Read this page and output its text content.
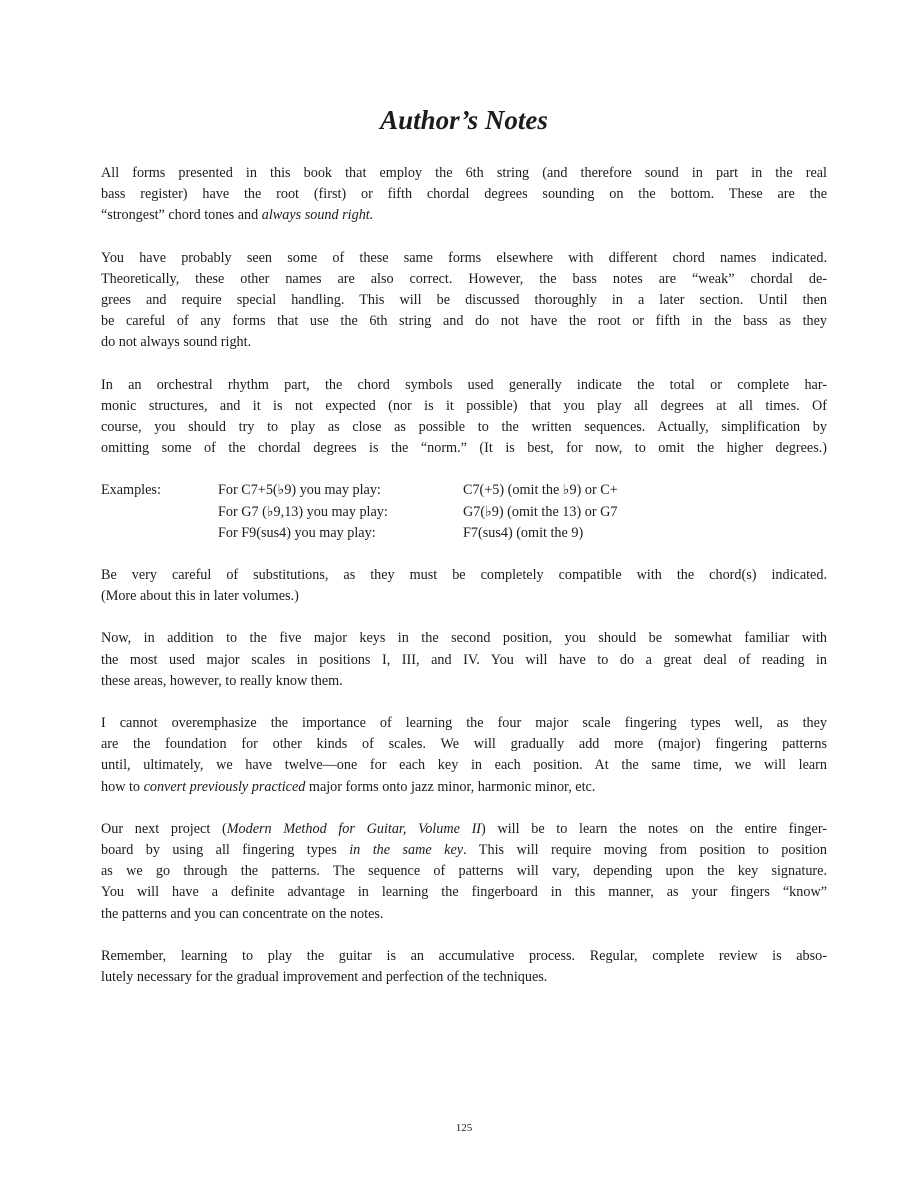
Author’s Notes

All forms presented in this book that employ the 6th string (and therefore sound in part in the real
bass register) have the root (first) or fifth chordal degrees sounding on the bottom. These are the
“strongest” chord tones and always sound right.

You have probably seen some of these same forms elsewhere with different chord names indicated.
Theoretically, these other names are also correct. However, the bass notes are “weak” chordal de-
grees and require special handling. This will be discussed thoroughly in a later section. Until then
be careful of any forms that use the 6th string and do not have the root or fifth in the bass as they
do not always sound right.

In an orchestral rhythm part, the chord symbols used generally indicate the total or complete har-
monic structures, and it is not expected (nor is it possible) that you play all degrees at all times. Of
course, you should try to play as close as possible to the written sequences. Actually, simplification by
omitting some of the chordal degrees is the “norm.” (It is best, for now, to omit the higher degrees.)

Examples:	For C7+5(♭9) you may play:	C7(+5) (omit the ♭9) or C+
For G7 (♭9,13) you may play:	G7(♭9) (omit the 13) or G7
For F9(sus4) you may play:	F7(sus4) (omit the 9)

Be very careful of substitutions, as they must be completely compatible with the chord(s) indicated.
(More about this in later volumes.)

Now, in addition to the five major keys in the second position, you should be somewhat familiar with
the most used major scales in positions I, III, and IV. You will have to do a great deal of reading in
these areas, however, to really know them.

I cannot overemphasize the importance of learning the four major scale fingering types well, as they
are the foundation for other kinds of scales. We will gradually add more (major) fingering patterns
until, ultimately, we have twelve—one for each key in each position. At the same time, we will learn
how to convert previously practiced major forms onto jazz minor, harmonic minor, etc.

Our next project (Modern Method for Guitar, Volume II) will be to learn the notes on the entire finger-
board by using all fingering types in the same key. This will require moving from position to position
as we go through the patterns. The sequence of patterns will vary, depending upon the key signature.
You will have a definite advantage in learning the fingerboard in this manner, as your fingers “know”
the patterns and you can concentrate on the notes.

Remember, learning to play the guitar is an accumulative process. Regular, complete review is abso-
lutely necessary for the gradual improvement and perfection of the techniques.

125
